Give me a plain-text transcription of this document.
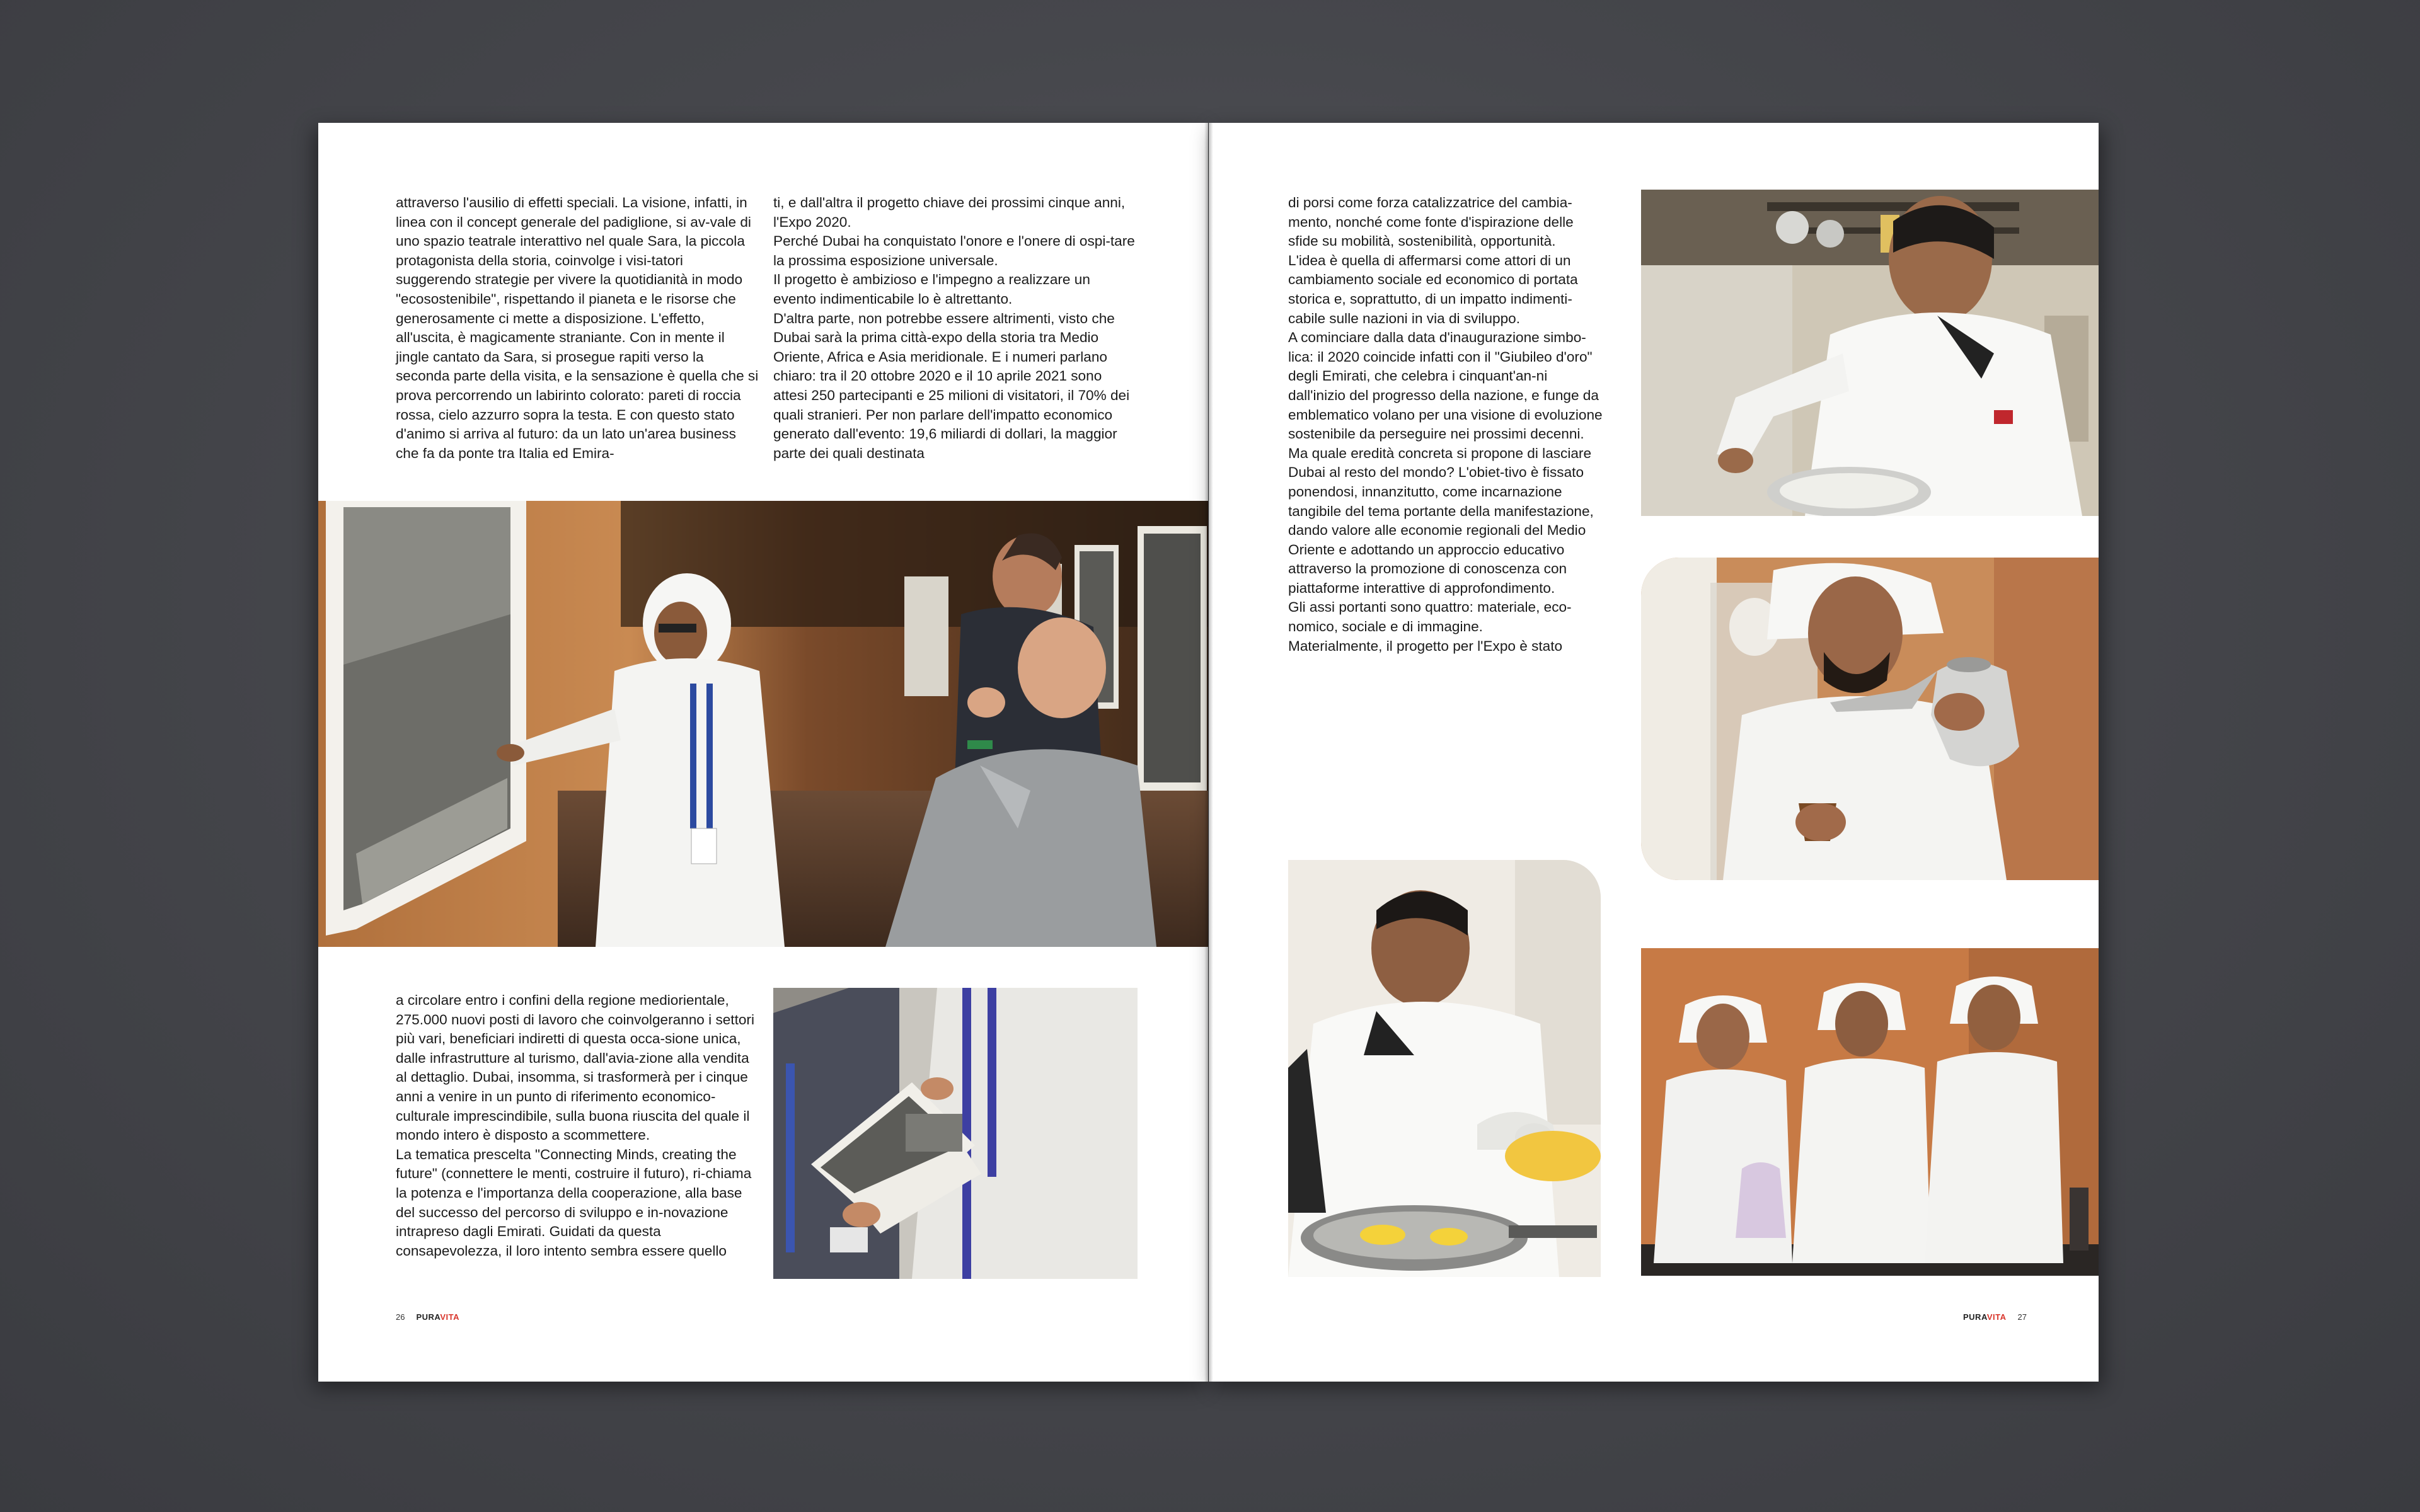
attraverso l'ausilio di effetti speciali. La visione, infatti, in linea con il concept generale del padiglione, si av-vale di uno spazio teatrale interattivo nel quale Sara, la piccola protagonista della storia, coinvolge i visi-tatori suggerendo strategie per vivere la quotidianità in modo "ecosostenibile", rispettando il pianeta e le risorse che generosamente ci mette a disposizione. L'effetto, all'uscita, è magicamente straniante. Con in mente il jingle cantato da Sara, si prosegue rapiti verso la seconda parte della visita, e la sensazione è quella che si prova percorrendo un labirinto colorato: pareti di roccia rossa, cielo azzurro sopra la testa. E con questo stato d'animo si arriva al futuro: da un lato un'area business che fa da ponte tra Italia ed Emira-
ti, e dall'altra il progetto chiave dei prossimi cinque anni, l'Expo 2020.
Perché Dubai ha conquistato l'onore e l'onere di ospi-tare la prossima esposizione universale.
Il progetto è ambizioso e l'impegno a realizzare un evento indimenticabile lo è altrettanto.
D'altra parte, non potrebbe essere altrimenti, visto che Dubai sarà la prima città-expo della storia tra Medio Oriente, Africa e Asia meridionale. E i numeri parlano chiaro: tra il 20 ottobre 2020 e il 10 aprile 2021 sono attesi 250 partecipanti e 25 milioni di visitatori, il 70% dei quali stranieri. Per non parlare dell'impatto economico generato dall'evento: 19,6 miliardi di dollari, la maggior parte dei quali destinata
a circolare entro i confini della regione mediorientale, 275.000 nuovi posti di lavoro che coinvolgeranno i settori più vari, beneficiari indiretti di questa occa-sione unica, dalle infrastrutture al turismo, dall'avia-zione alla vendita al dettaglio. Dubai, insomma, si trasformerà per i cinque anni a venire in un punto di riferimento economico-culturale imprescindibile, sulla buona riuscita del quale il mondo intero è disposto a scommettere.
La tematica prescelta "Connecting Minds, creating the future" (connettere le menti, costruire il futuro), ri-chiama la potenza e l'importanza della cooperazione, alla base del successo del percorso di sviluppo e in-novazione intrapreso dagli Emirati. Guidati da questa consapevolezza, il loro intento sembra essere quello
26 PURAVITA
di porsi come forza catalizzatrice del cambia-mento, nonché come fonte d'ispirazione delle sfide su mobilità, sostenibilità, opportunità.
L'idea è quella di affermarsi come attori di un cambiamento sociale ed economico di portata storica e, soprattutto, di un impatto indimenti-cabile sulle nazioni in via di sviluppo.
A cominciare dalla data d'inaugurazione simbo-lica: il 2020 coincide infatti con il "Giubileo d'oro" degli Emirati, che celebra i cinquant'an-ni dall'inizio del progresso della nazione, e funge da emblematico volano per una visione di evoluzione sostenibile da perseguire nei prossimi decenni.
Ma quale eredità concreta si propone di lasciare Dubai al resto del mondo? L'obiet-tivo è fissato ponendosi, innanzitutto, come incarnazione tangibile del tema portante della manifestazione, dando valore alle economie regionali del Medio Oriente e adottando un approccio educativo attraverso la promozione di conoscenza con piattaforme interattive di approfondimento.
Gli assi portanti sono quattro: materiale, eco-nomico, sociale e di immagine.
Materialmente, il progetto per l'Expo è stato
PURAVITA 27
